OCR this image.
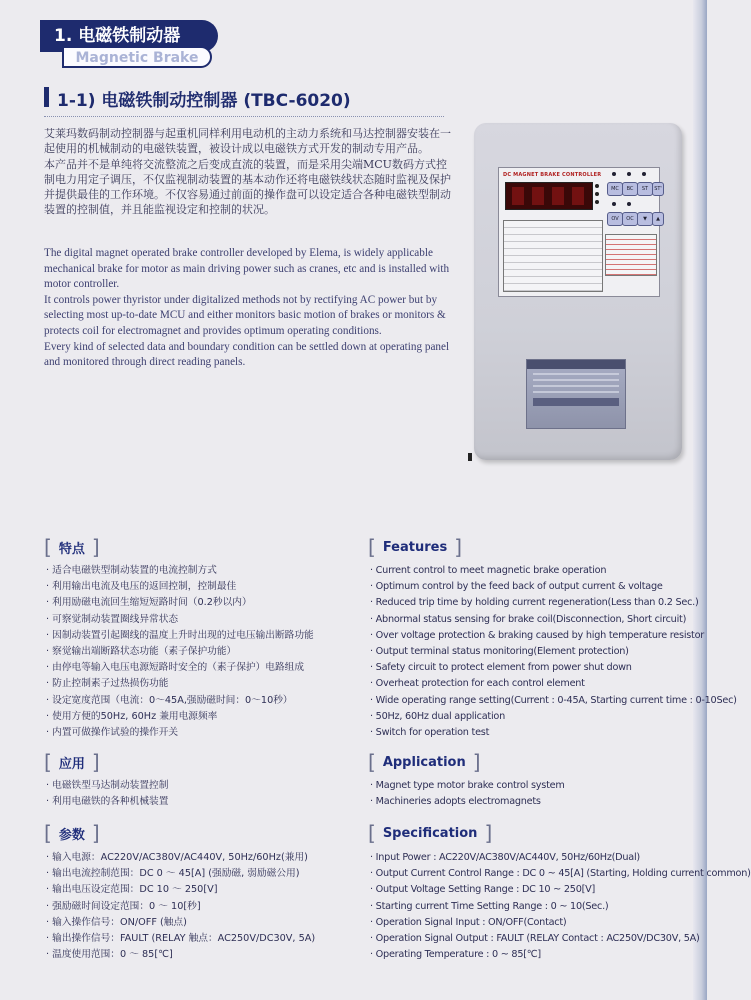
1. 电磁铁制动器
Magnetic Brake
1-1) 电磁铁制动控制器 (TBC-6020)

艾莱玛数码制动控制器与起重机同样利用电动机的主动力系统和马达控制器安装在一起使用的机械制动的电磁铁装置，被设计成以电磁铁方式开发的制动专用产品。

本产品并不是单纯将交流整流之后变成直流的装置，而是采用尖端MCU数码方式控制电力用定子调压，不仅监视制动装置的基本动作还将电磁铁线状态随时监视及保护并提供最佳的工作环境。不仅容易通过前面的操作盘可以设定适合各种电磁铁型制动装置的控制值，并且能监视设定和控制的状况。

The digital magnet operated brake controller developed by Elema, is widely applicable mechanical brake for motor as main driving power such as cranes, etc and is installed with motor controller.

It controls power thyristor under digitalized methods not by rectifying AC power but by selecting most up-to-date MCU and either monitors basic motion of brakes or monitors & protects coil for electromagnet and provides optimum operating conditions.

Every kind of selected data and boundary condition can be settled down at operating panel and monitored through direct reading panels.

DC MAGNET BRAKE CONTROLLER
MC	BC	ST	ST'
OV	OC	▼	▲
[ 特点 ]
· 适合电磁铁型制动装置的电流控制方式
· 利用输出电流及电压的返回控制，控制最佳
· 利用励磁电流回生缩短短路时间（0.2秒以内）
· 可察觉制动装置圈线异常状态
· 因制动装置引起圈线的温度上升时出现的过电压输出断路功能
· 察觉输出端断路状态功能（素子保护功能）
· 由停电等输入电压电源短路时安全的（素子保护）电路组成
· 防止控制素子过热损伤功能
· 设定宽度范围（电流：0～45A,强励磁时间：0～10秒）
· 使用方便的50Hz, 60Hz 兼用电源频率
· 内置可做操作试验的操作开关
[ Features ]
· Current control to meet magnetic brake operation
· Optimum control by the feed back of output current & voltage
· Reduced trip time by holding current regeneration(Less than 0.2 Sec.)
· Abnormal status sensing for brake coil(Disconnection, Short circuit)
· Over voltage protection & braking caused by high temperature resistor
· Output terminal status monitoring(Element protection)
· Safety circuit to protect element from power shut down
· Overheat protection for each control element
· Wide operating range setting(Current : 0-45A, Starting current time : 0-10Sec)
· 50Hz, 60Hz dual application
· Switch for operation test
[ 应用 ]
· 电磁铁型马达制动装置控制
· 利用电磁铁的各种机械装置
[ Application ]
· Magnet type motor brake control system
· Machineries adopts electromagnets
[ 参数 ]
· 输入电源：AC220V/AC380V/AC440V, 50Hz/60Hz(兼用)
· 输出电流控制范围：DC 0 ～ 45[A] (强励磁, 弱励磁公用)
· 输出电压设定范围：DC 10 ～ 250[V]
· 强励磁时间设定范围：0 ～ 10[秒]
· 输入操作信号：ON/OFF (触点)
· 输出操作信号：FAULT (RELAY 触点：AC250V/DC30V, 5A)
· 温度使用范围：0 ～ 85[℃]
[ Specification ]
· Input Power : AC220V/AC380V/AC440V, 50Hz/60Hz(Dual)
· Output Current Control Range : DC 0 ~ 45[A] (Starting, Holding current common)
· Output Voltage Setting Range : DC 10 ~ 250[V]
· Starting current Time Setting Range : 0 ~ 10(Sec.)
· Operation Signal Input : ON/OFF(Contact)
· Operation Signal Output : FAULT (RELAY Contact : AC250V/DC30V, 5A)
· Operating Temperature : 0 ~ 85[℃]
